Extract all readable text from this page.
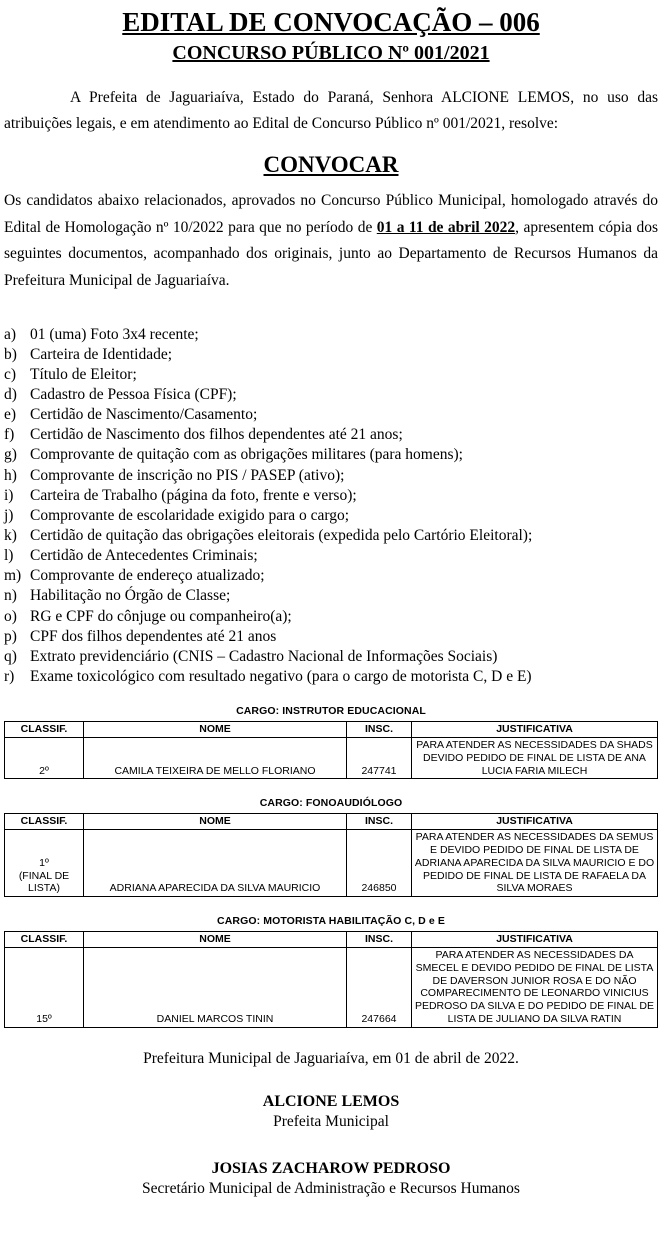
EDITAL DE CONVOCAÇÃO – 006
CONCURSO PÚBLICO Nº 001/2021

A Prefeita de Jaguariaíva, Estado do Paraná, Senhora ALCIONE LEMOS, no uso das atribuições legais, e em atendimento ao Edital de Concurso Público nº 001/2021, resolve:

CONVOCAR

Os candidatos abaixo relacionados, aprovados no Concurso Público Municipal, homologado através do Edital de Homologação nº 10/2022 para que no período de 01 a 11 de abril 2022, apresentem cópia dos seguintes documentos, acompanhado dos originais, junto ao Departamento de Recursos Humanos da Prefeitura Municipal de Jaguariaíva.

a) 01 (uma) Foto 3x4 recente;
b) Carteira de Identidade;
c) Título de Eleitor;
d) Cadastro de Pessoa Física (CPF);
e) Certidão de Nascimento/Casamento;
f)	Certidão de Nascimento dos filhos dependentes até 21 anos;
g) Comprovante de quitação com as obrigações militares (para homens);
h) Comprovante de inscrição no PIS / PASEP (ativo);
i)	Carteira de Trabalho (página da foto, frente e verso);
j)	Comprovante de escolaridade exigido para o cargo;
k) Certidão de quitação das obrigações eleitorais (expedida pelo Cartório Eleitoral);
l)	Certidão de Antecedentes Criminais;
m) Comprovante de endereço atualizado;
n) Habilitação no Órgão de Classe;
o) RG e CPF do cônjuge ou companheiro(a);
p) CPF dos filhos dependentes até 21 anos
q) Extrato previdenciário (CNIS – Cadastro Nacional de Informações Sociais)
r)	Exame toxicológico com resultado negativo (para o cargo de motorista C, D e E)
CARGO: INSTRUTOR EDUCACIONAL
CLASSIF.	NOME	INSC.	JUSTIFICATIVA
2º	CAMILA TEIXEIRA DE MELLO FLORIANO	247741	PARA ATENDER AS NECESSIDADES DA SHADS DEVIDO PEDIDO DE FINAL DE LISTA DE ANA LUCIA FARIA MILECH
CARGO: FONOAUDIÓLOGO
CLASSIF.	NOME	INSC.	JUSTIFICATIVA
1º
(FINAL DE LISTA)	ADRIANA APARECIDA DA SILVA MAURICIO	246850	PARA ATENDER AS NECESSIDADES DA SEMUS E DEVIDO PEDIDO DE FINAL DE LISTA DE ADRIANA APARECIDA DA SILVA MAURICIO E DO PEDIDO DE FINAL DE LISTA DE RAFAELA DA SILVA MORAES
CARGO: MOTORISTA HABILITAÇÃO C, D e E
CLASSIF.	NOME	INSC.	JUSTIFICATIVA
15º	DANIEL MARCOS TININ	247664	PARA ATENDER AS NECESSIDADES DA SMECEL E DEVIDO PEDIDO DE FINAL DE LISTA DE DAVERSON JUNIOR ROSA E DO NÃO COMPARECIMENTO DE LEONARDO VINICIUS PEDROSO DA SILVA E DO PEDIDO DE FINAL DE LISTA DE JULIANO DA SILVA RATIN
Prefeitura Municipal de Jaguariaíva, em 01 de abril de 2022.
ALCIONE LEMOS
Prefeita Municipal
JOSIAS ZACHAROW PEDROSO
Secretário Municipal de Administração e Recursos Humanos
